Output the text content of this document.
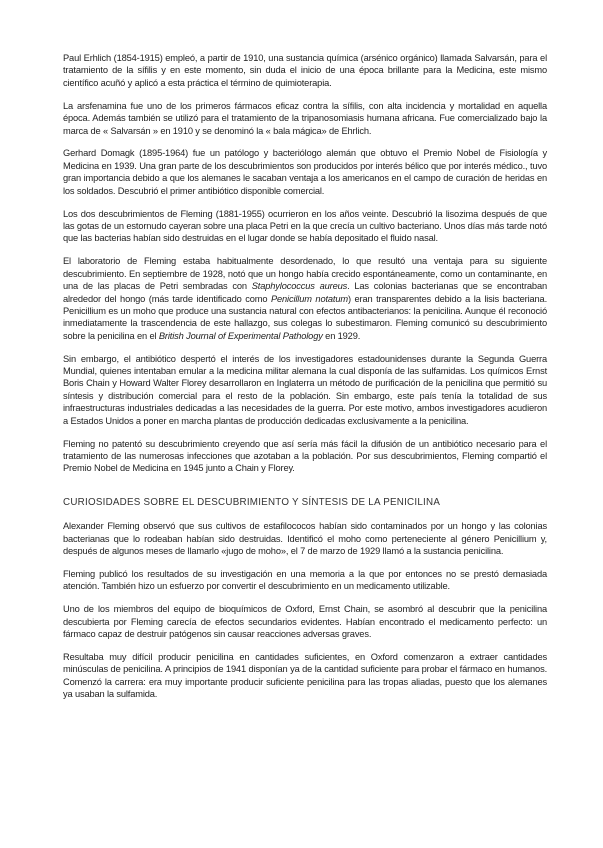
Paul Erhlich (1854-1915) empleó, a partir de 1910, una sustancia química (arsénico orgánico) llamada Salvarsán, para el tratamiento de la sífilis y en este momento, sin duda el inicio de una época brillante para la Medicina, este mismo científico acuñó y aplicó a esta práctica el término de quimioterapia.

La arsfenamina fue uno de los primeros fármacos eficaz contra la sífilis, con alta incidencia y mortalidad en aquella época. Además también se utilizó para el tratamiento de la tripanosomiasis humana africana. Fue comercializado bajo la marca de « Salvarsán » en 1910 y se denominó la « bala mágica» de Ehrlich.

Gerhard Domagk (1895-1964) fue un patólogo y bacteriólogo alemán que obtuvo el Premio Nobel de Fisiología y Medicina en 1939. Una gran parte de los descubrimientos son producidos por interés bélico que por interés médico., tuvo gran importancia debido a que los alemanes le sacaban ventaja a los americanos en el campo de curación de heridas en los soldados. Descubrió el primer antibiótico disponible comercial.

Los dos descubrimientos de Fleming (1881-1955) ocurrieron en los años veinte. Descubrió la lisozima después de que las gotas de un estornudo cayeran sobre una placa Petri en la que crecía un cultivo bacteriano. Unos días más tarde notó que las bacterias habían sido destruidas en el lugar donde se había depositado el fluido nasal.

El laboratorio de Fleming estaba habitualmente desordenado, lo que resultó una ventaja para su siguiente descubrimiento. En septiembre de 1928, notó que un hongo había crecido espontáneamente, como un contaminante, en una de las placas de Petri sembradas con Staphylococcus aureus. Las colonias bacterianas que se encontraban alrededor del hongo (más tarde identificado como Penicillum notatum) eran transparentes debido a la lisis bacteriana. Penicillium es un moho que produce una sustancia natural con efectos antibacterianos: la penicilina. Aunque él reconoció inmediatamente la trascendencia de este hallazgo, sus colegas lo subestimaron. Fleming comunicó su descubrimiento sobre la penicilina en el British Journal of Experimental Pathology en 1929.

Sin embargo, el antibiótico despertó el interés de los investigadores estadounidenses durante la Segunda Guerra Mundial, quienes intentaban emular a la medicina militar alemana la cual disponía de las sulfamidas. Los químicos Ernst Boris Chain y Howard Walter Florey desarrollaron en Inglaterra un método de purificación de la penicilina que permitió su síntesis y distribución comercial para el resto de la población. Sin embargo, este país tenía la totalidad de sus infraestructuras industriales dedicadas a las necesidades de la guerra. Por este motivo, ambos investigadores acudieron a Estados Unidos a poner en marcha plantas de producción dedicadas exclusivamente a la penicilina.

Fleming no patentó su descubrimiento creyendo que así sería más fácil la difusión de un antibiótico necesario para el tratamiento de las numerosas infecciones que azotaban a la población. Por sus descubrimientos, Fleming compartió el Premio Nobel de Medicina en 1945 junto a Chain y Florey.

CURIOSIDADES SOBRE EL DESCUBRIMIENTO Y SÍNTESIS DE LA PENICILINA

Alexander Fleming observó que sus cultivos de estafilococos habían sido contaminados por un hongo y las colonias bacterianas que lo rodeaban habían sido destruidas. Identificó el moho como perteneciente al género Penicillium y, después de algunos meses de llamarlo «jugo de moho», el 7 de marzo de 1929 llamó a la sustancia penicilina.

Fleming publicó los resultados de su investigación en una memoria a la que por entonces no se prestó demasiada atención. También hizo un esfuerzo por convertir el descubrimiento en un medicamento utilizable.

Uno de los miembros del equipo de bioquímicos de Oxford, Ernst Chain, se asombró al descubrir que la penicilina descubierta por Fleming carecía de efectos secundarios evidentes. Habían encontrado el medicamento perfecto: un fármaco capaz de destruir patógenos sin causar reacciones adversas graves.

Resultaba muy difícil producir penicilina en cantidades suficientes, en Oxford comenzaron a extraer cantidades minúsculas de penicilina. A principios de 1941 disponían ya de la cantidad suficiente para probar el fármaco en humanos. Comenzó la carrera: era muy importante producir suficiente penicilina para las tropas aliadas, puesto que los alemanes ya usaban la sulfamida.
